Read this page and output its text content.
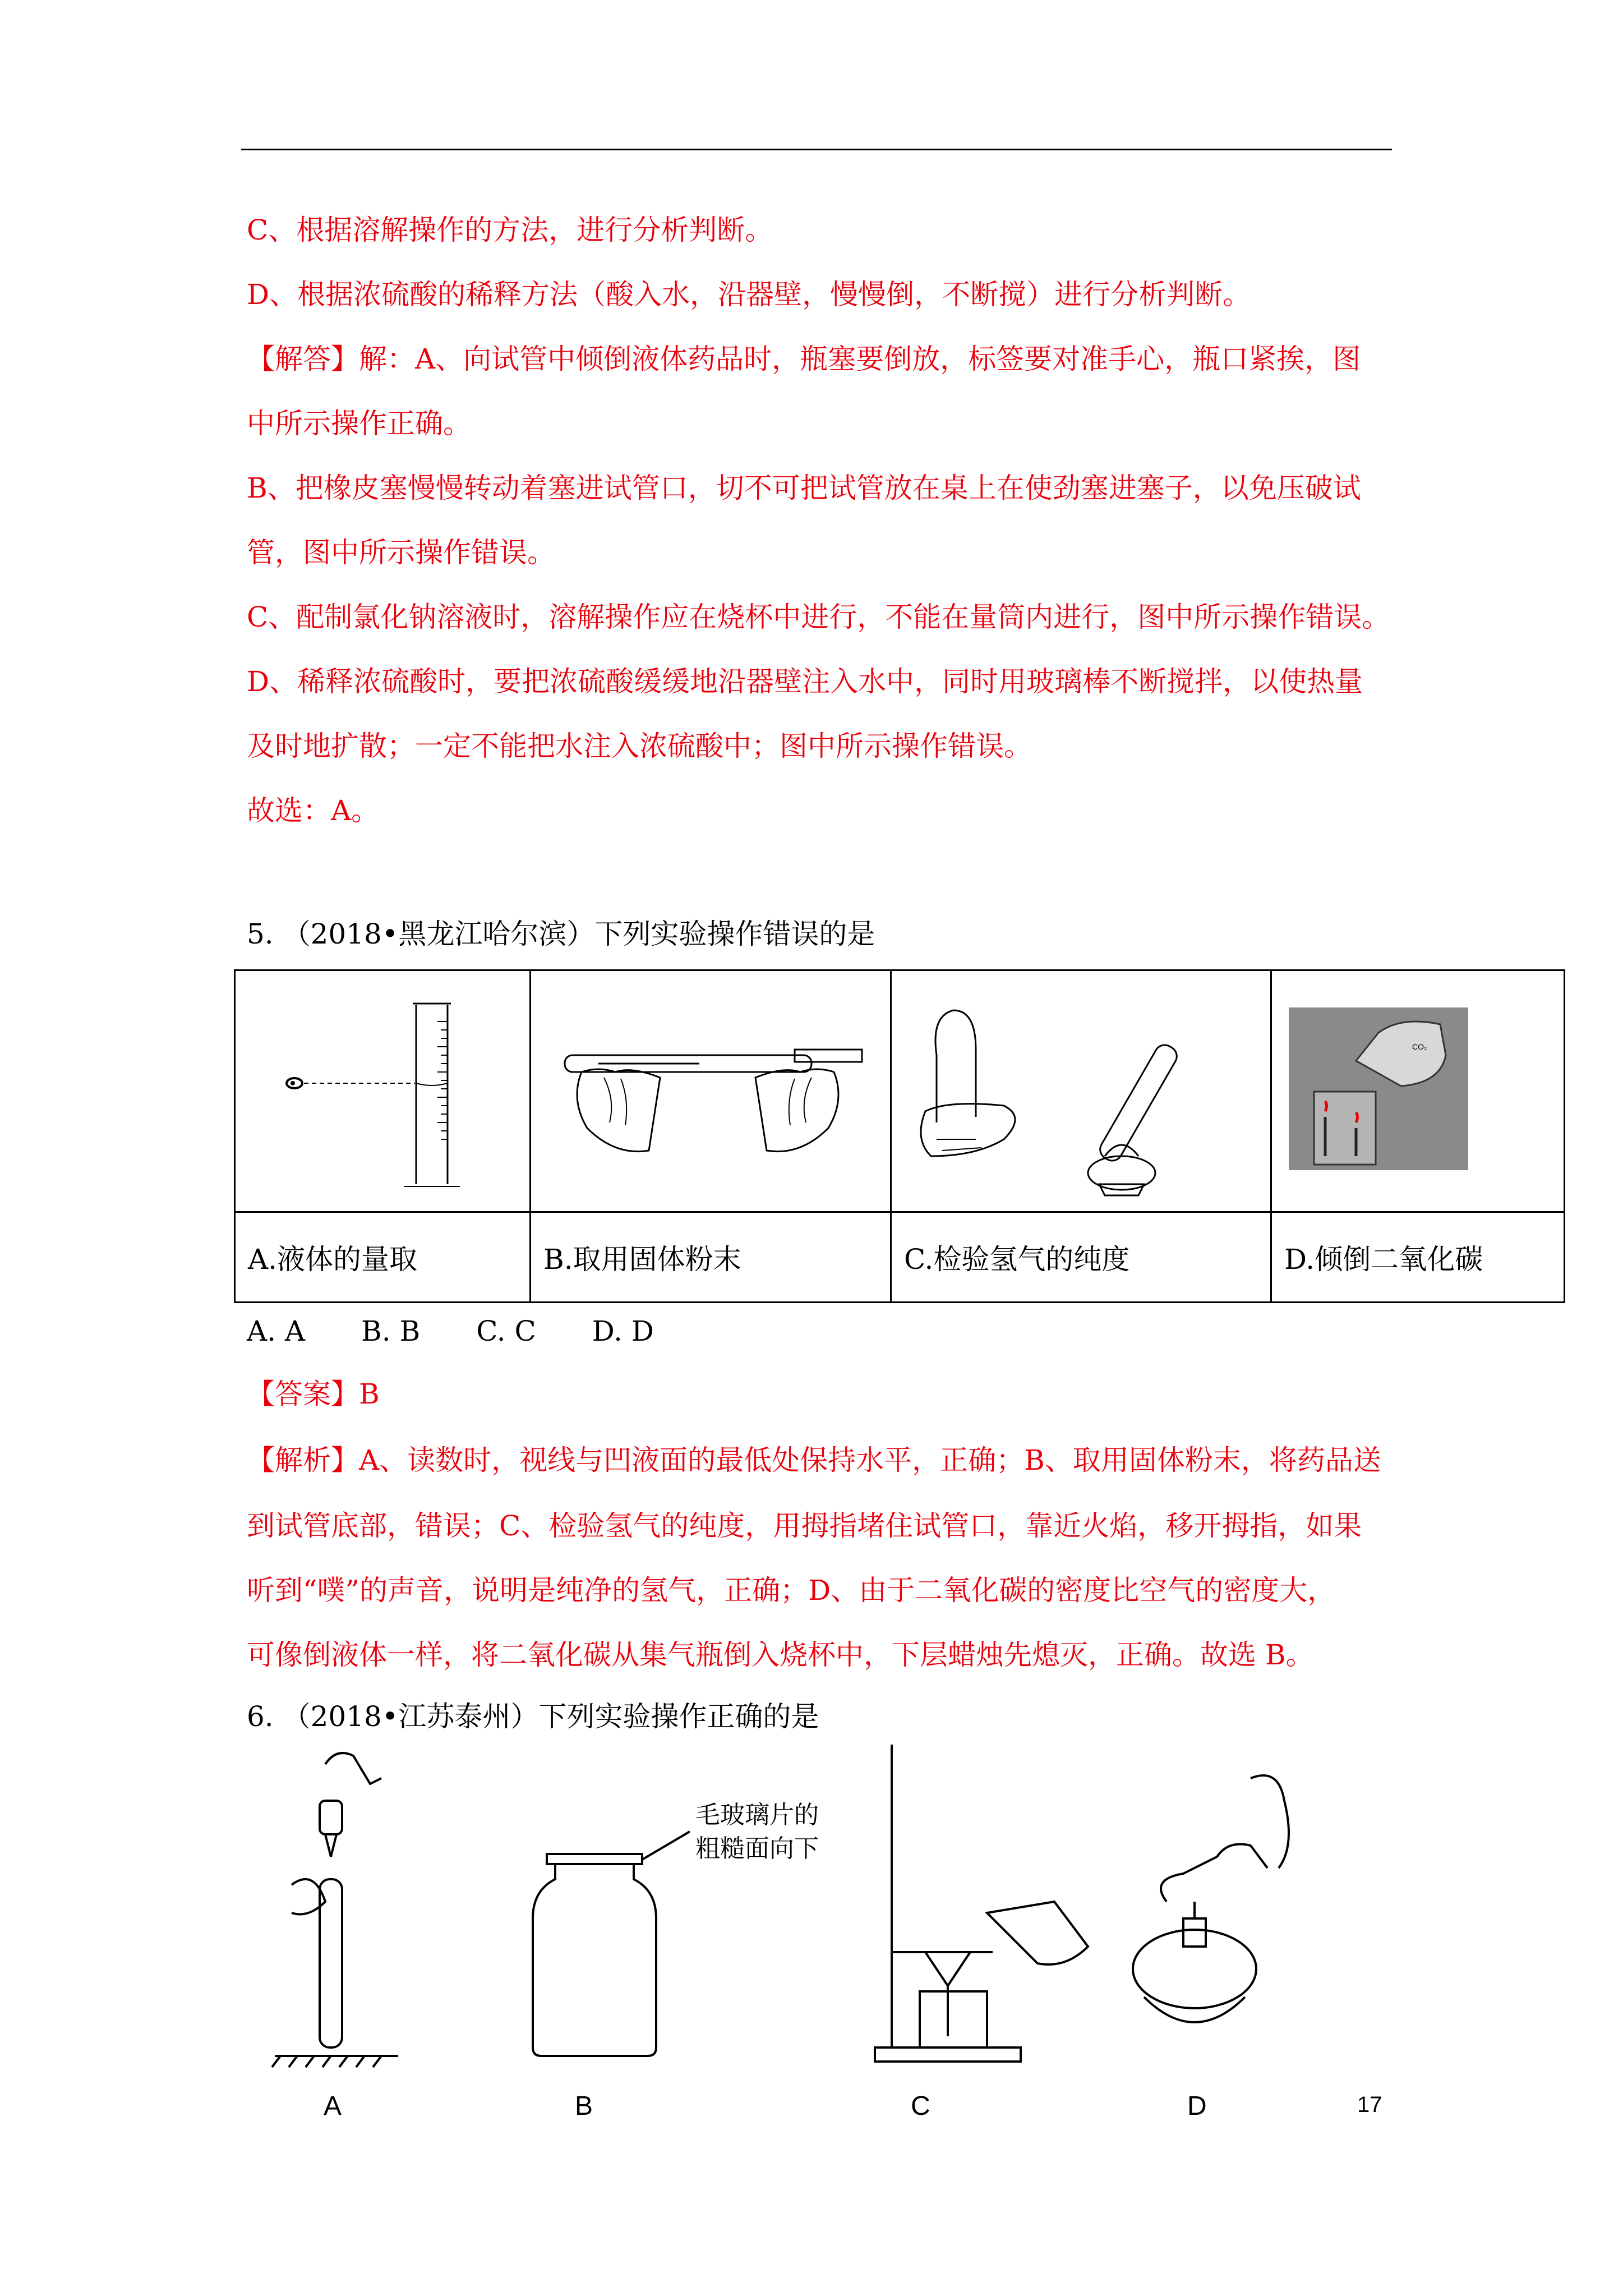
C、根据溶解操作的方法，进行分析判断。
D、根据浓硫酸的稀释方法（酸入水，沿器壁，慢慢倒，不断搅）进行分析判断。
【解答】解：A、向试管中倾倒液体药品时，瓶塞要倒放，标签要对准手心，瓶口紧挨，图
中所示操作正确。
B、把橡皮塞慢慢转动着塞进试管口，切不可把试管放在桌上在使劲塞进塞子，以免压破试
管，图中所示操作错误。
C、配制氯化钠溶液时，溶解操作应在烧杯中进行，不能在量筒内进行，图中所示操作错误。
D、稀释浓硫酸时，要把浓硫酸缓缓地沿器壁注入水中，同时用玻璃棒不断搅拌，以使热量
及时地扩散；一定不能把水注入浓硫酸中；图中所示操作错误。
故选：A。
5. （2018•黑龙江哈尔滨）下列实验操作错误的是

CO₂

A.液体的量取	B.取用固体粉末	C.检验氢气的纯度	D.倾倒二氧化碳
A. A　　B. B　　C. C　　D. D
【答案】B
【解析】A、读数时，视线与凹液面的最低处保持水平，正确；B、取用固体粉末，将药品送
到试管底部，错误；C、检验氢气的纯度，用拇指堵住试管口，靠近火焰，移开拇指，如果
听到“噗”的声音，说明是纯净的氢气，正确；D、由于二氧化碳的密度比空气的密度大，
可像倒液体一样，将二氧化碳从集气瓶倒入烧杯中，下层蜡烛先熄灭，正确。故选 B。
6. （2018•江苏泰州）下列实验操作正确的是
A
毛玻璃片的
粗糙面向下
B	C	D	17
